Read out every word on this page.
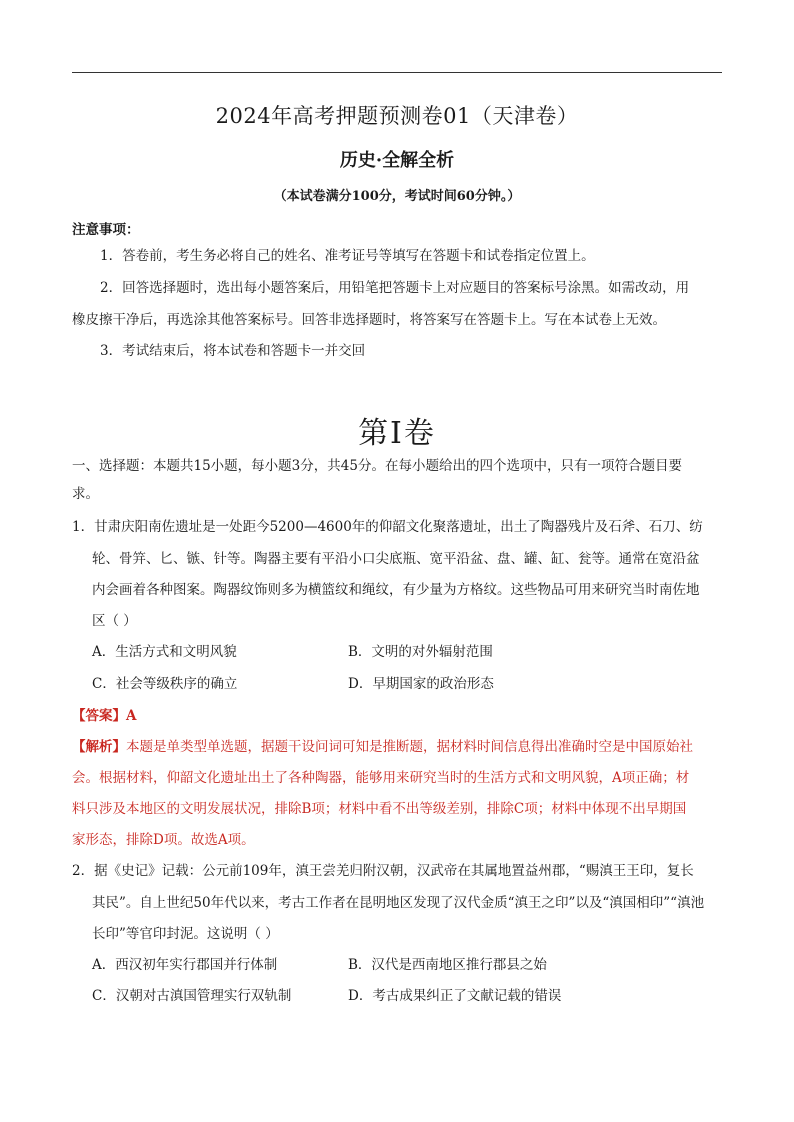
2024年高考押题预测卷01（天津卷）
历史·全解全析
（本试卷满分100分，考试时间60分钟。）
注意事项：
1．答卷前，考生务必将自己的姓名、准考证号等填写在答题卡和试卷指定位置上。
2．回答选择题时，选出每小题答案后，用铅笔把答题卡上对应题目的答案标号涂黑。如需改动，用
橡皮擦干净后，再选涂其他答案标号。回答非选择题时，将答案写在答题卡上。写在本试卷上无效。
3．考试结束后，将本试卷和答题卡一并交回
第Ⅰ卷
一、选择题：本题共15小题，每小题3分，共45分。在每小题给出的四个选项中，只有一项符合题目要
求。
1．甘肃庆阳南佐遗址是一处距今5200—4600年的仰韶文化聚落遗址，出土了陶器残片及石斧、石刀、纺
轮、骨笄、匕、镞、针等。陶器主要有平沿小口尖底瓶、宽平沿盆、盘、罐、缸、瓮等。通常在宽沿盆
内会画着各种图案。陶器纹饰则多为横篮纹和绳纹，有少量为方格纹。这些物品可用来研究当时南佐地
区（ ）
A．生活方式和文明风貌	B．文明的对外辐射范围
C．社会等级秩序的确立	D．早期国家的政治形态
【答案】A
【解析】本题是单类型单选题，据题干设问词可知是推断题，据材料时间信息得出准确时空是中国原始社
会。根据材料，仰韶文化遗址出土了各种陶器，能够用来研究当时的生活方式和文明风貌，A项正确；材
料只涉及本地区的文明发展状况，排除B项；材料中看不出等级差别，排除C项；材料中体现不出早期国
家形态，排除D项。故选A项。
2．据《史记》记载：公元前109年，滇王尝羌归附汉朝，汉武帝在其属地置益州郡，“赐滇王王印，复长
其民”。自上世纪50年代以来，考古工作者在昆明地区发现了汉代金质“滇王之印”以及“滇国相印”“滇池
长印”等官印封泥。这说明（ ）
A．西汉初年实行郡国并行体制	B．汉代是西南地区推行郡县之始
C．汉朝对古滇国管理实行双轨制	D．考古成果纠正了文献记载的错误
